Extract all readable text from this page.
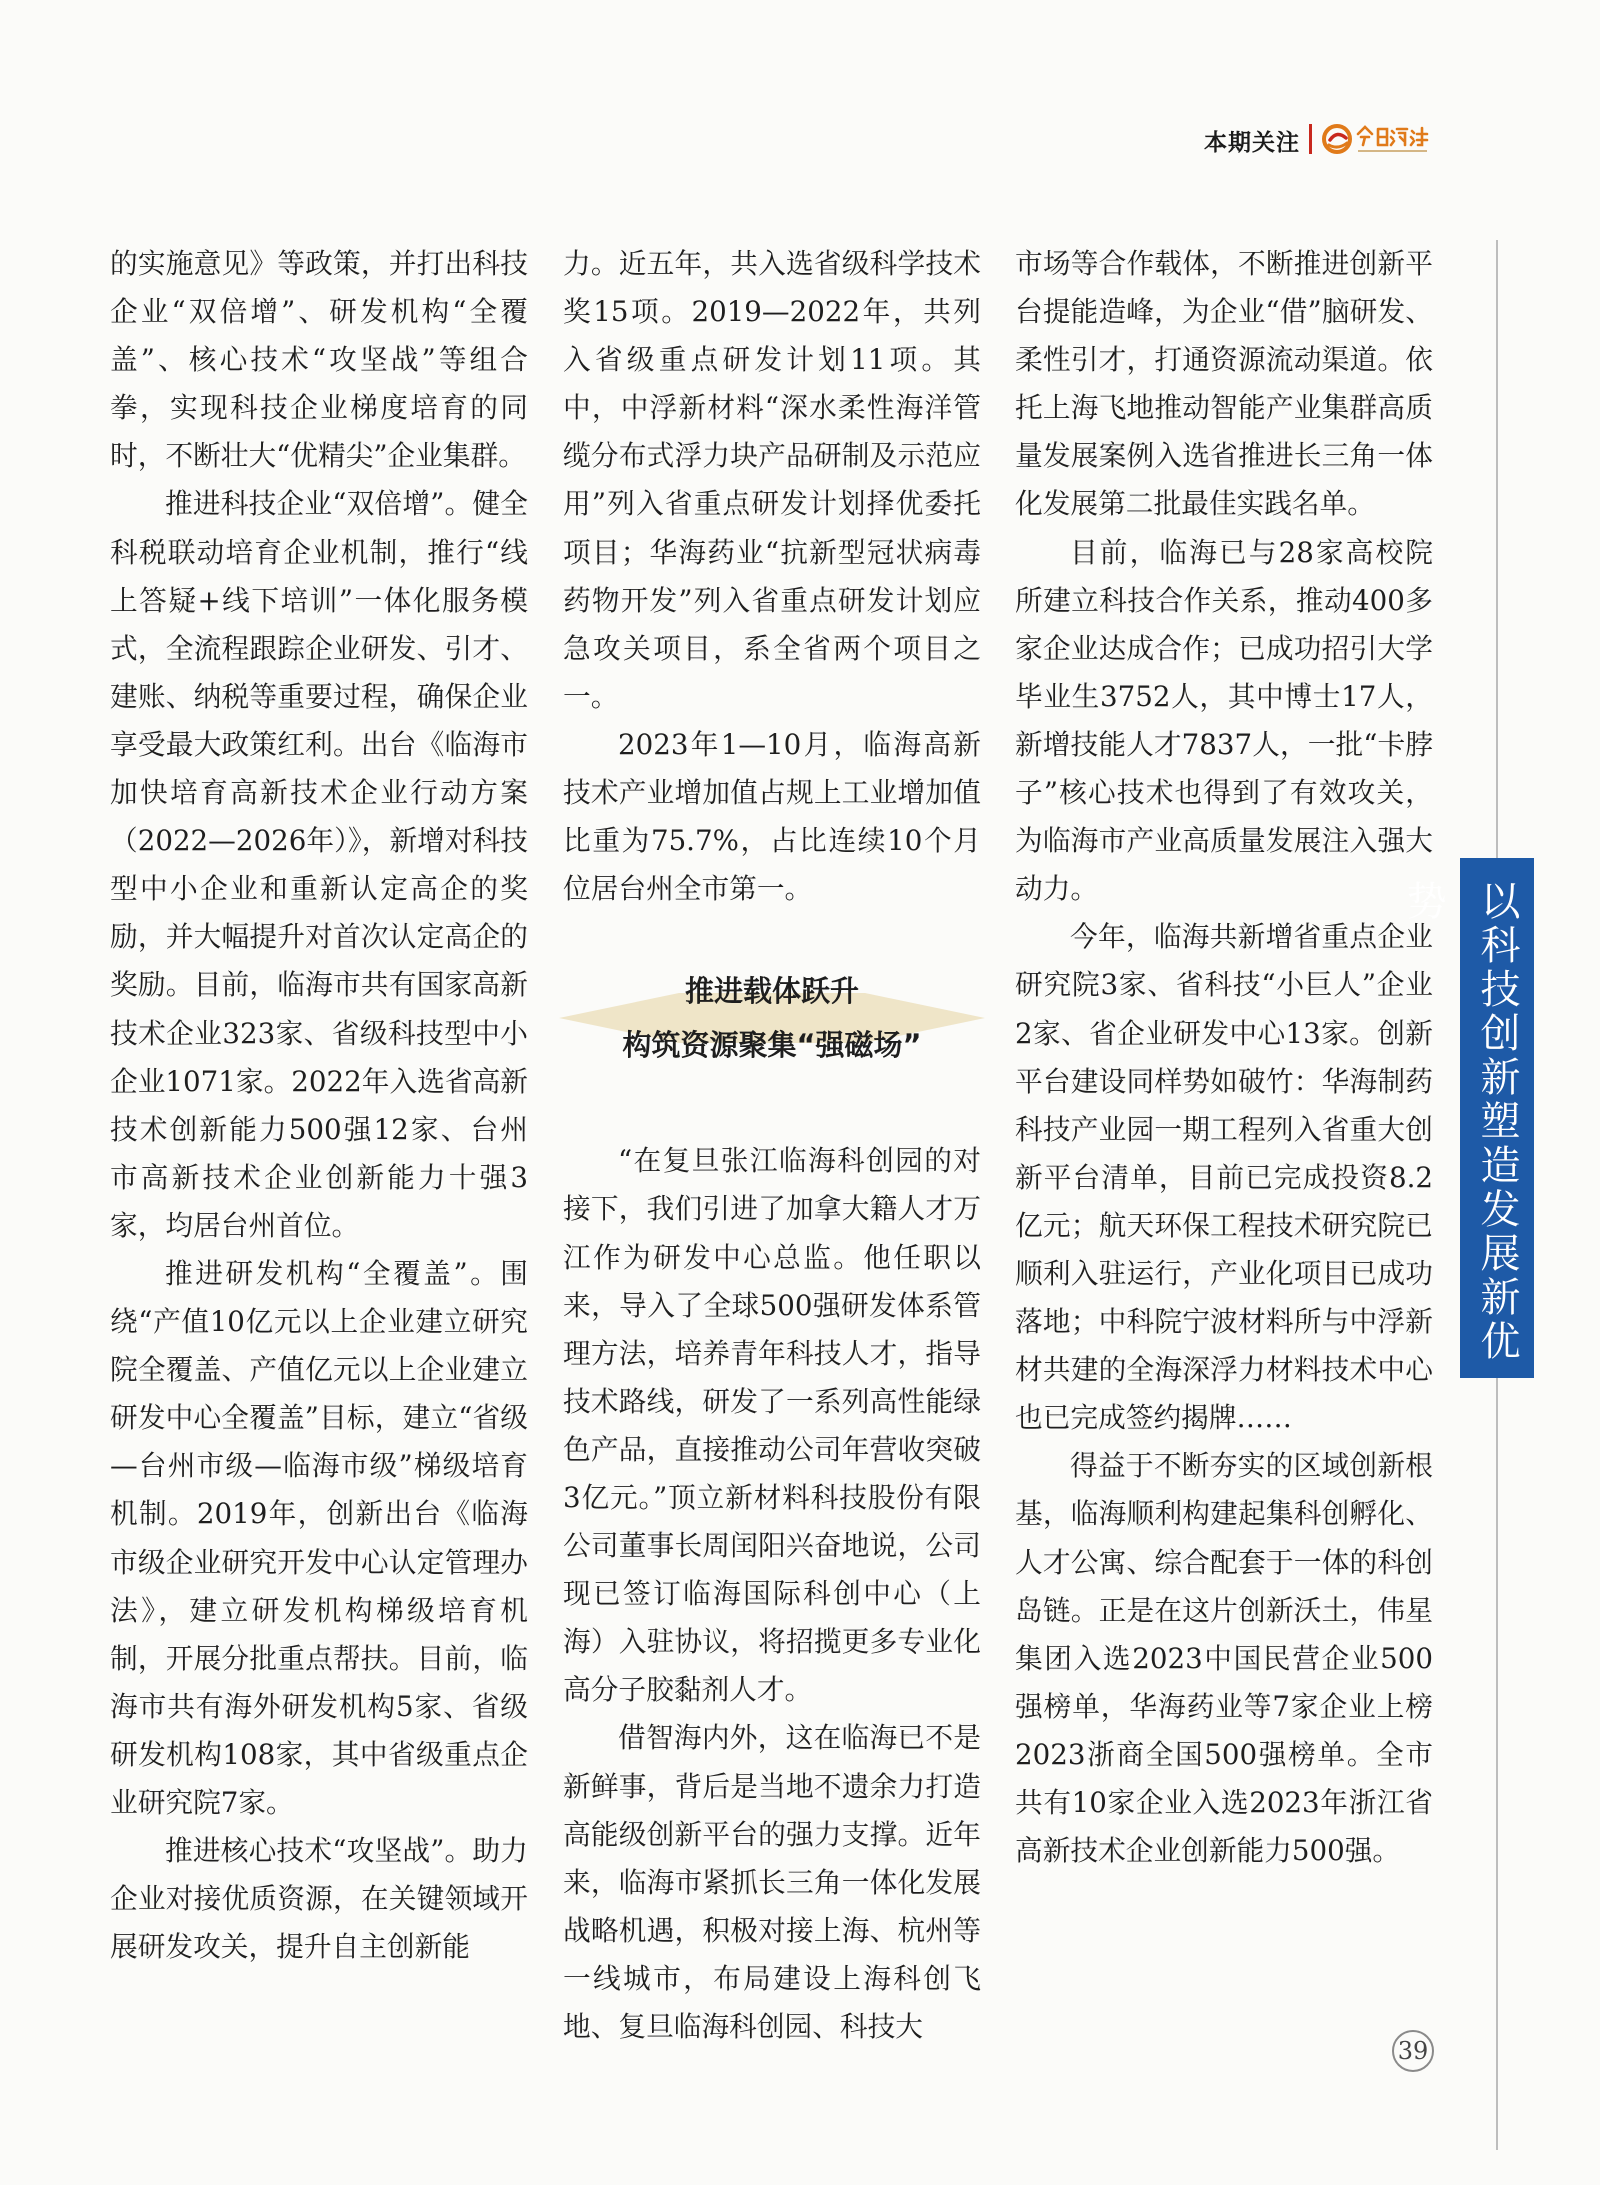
本期关注

的实施意见》等政策，并打出科技企业“双倍增”、研发机构“全覆盖”、核心技术“攻坚战”等组合拳，实现科技企业梯度培育的同时，不断壮大“优精尖”企业集群。

推进科技企业“双倍增”。健全科税联动培育企业机制，推行“线上答疑+线下培训”一体化服务模式，全流程跟踪企业研发、引才、建账、纳税等重要过程，确保企业享受最大政策红利。出台《临海市加快培育高新技术企业行动方案（2022—2026年）》，新增对科技型中小企业和重新认定高企的奖励，并大幅提升对首次认定高企的奖励。目前，临海市共有国家高新技术企业323家、省级科技型中小企业1071家。2022年入选省高新技术创新能力500强12家、台州市高新技术企业创新能力十强3家，均居台州首位。

推进研发机构“全覆盖”。围绕“产值10亿元以上企业建立研究院全覆盖、产值亿元以上企业建立研发中心全覆盖”目标，建立“省级—台州市级—临海市级”梯级培育机制。2019年，创新出台《临海市级企业研究开发中心认定管理办法》，建立研发机构梯级培育机制，开展分批重点帮扶。目前，临海市共有海外研发机构5家、省级研发机构108家，其中省级重点企业研究院7家。

推进核心技术“攻坚战”。助力企业对接优质资源，在关键领域开展研发攻关，提升自主创新能

力。近五年，共入选省级科学技术奖15项。2019—2022年，共列入省级重点研发计划11项。其中，中浮新材料“深水柔性海洋管缆分布式浮力块产品研制及示范应用”列入省重点研发计划择优委托项目；华海药业“抗新型冠状病毒药物开发”列入省重点研发计划应急攻关项目，系全省两个项目之一。

2023年1—10月，临海高新技术产业增加值占规上工业增加值比重为75.7%，占比连续10个月位居台州全市第一。

推进载体跃升
构筑资源聚集“强磁场”

“在复旦张江临海科创园的对接下，我们引进了加拿大籍人才万江作为研发中心总监。他任职以来，导入了全球500强研发体系管理方法，培养青年科技人才，指导技术路线，研发了一系列高性能绿色产品，直接推动公司年营收突破3亿元。”顶立新材料科技股份有限公司董事长周闰阳兴奋地说，公司现已签订临海国际科创中心（上海）入驻协议，将招揽更多专业化高分子胶黏剂人才。

借智海内外，这在临海已不是新鲜事，背后是当地不遗余力打造高能级创新平台的强力支撑。近年来，临海市紧抓长三角一体化发展战略机遇，积极对接上海、杭州等一线城市，布局建设上海科创飞地、复旦临海科创园、科技大

市场等合作载体，不断推进创新平台提能造峰，为企业“借”脑研发、柔性引才，打通资源流动渠道。依托上海飞地推动智能产业集群高质量发展案例入选省推进长三角一体化发展第二批最佳实践名单。

目前，临海已与28家高校院所建立科技合作关系，推动400多家企业达成合作；已成功招引大学毕业生3752人，其中博士17人，新增技能人才7837人，一批“卡脖子”核心技术也得到了有效攻关，为临海市产业高质量发展注入强大动力。

今年，临海共新增省重点企业研究院3家、省科技“小巨人”企业2家、省企业研发中心13家。创新平台建设同样势如破竹：华海制药科技产业园一期工程列入省重大创新平台清单，目前已完成投资8.2亿元；航天环保工程技术研究院已顺利入驻运行，产业化项目已成功落地；中科院宁波材料所与中浮新材共建的全海深浮力材料技术中心也已完成签约揭牌……

得益于不断夯实的区域创新根基，临海顺利构建起集科创孵化、人才公寓、综合配套于一体的科创岛链。正是在这片创新沃土，伟星集团入选2023中国民营企业500强榜单，华海药业等7家企业上榜2023浙商全国500强榜单。全市共有10家企业入选2023年浙江省高新技术企业创新能力500强。

以科技创新塑造发展新优势
39
